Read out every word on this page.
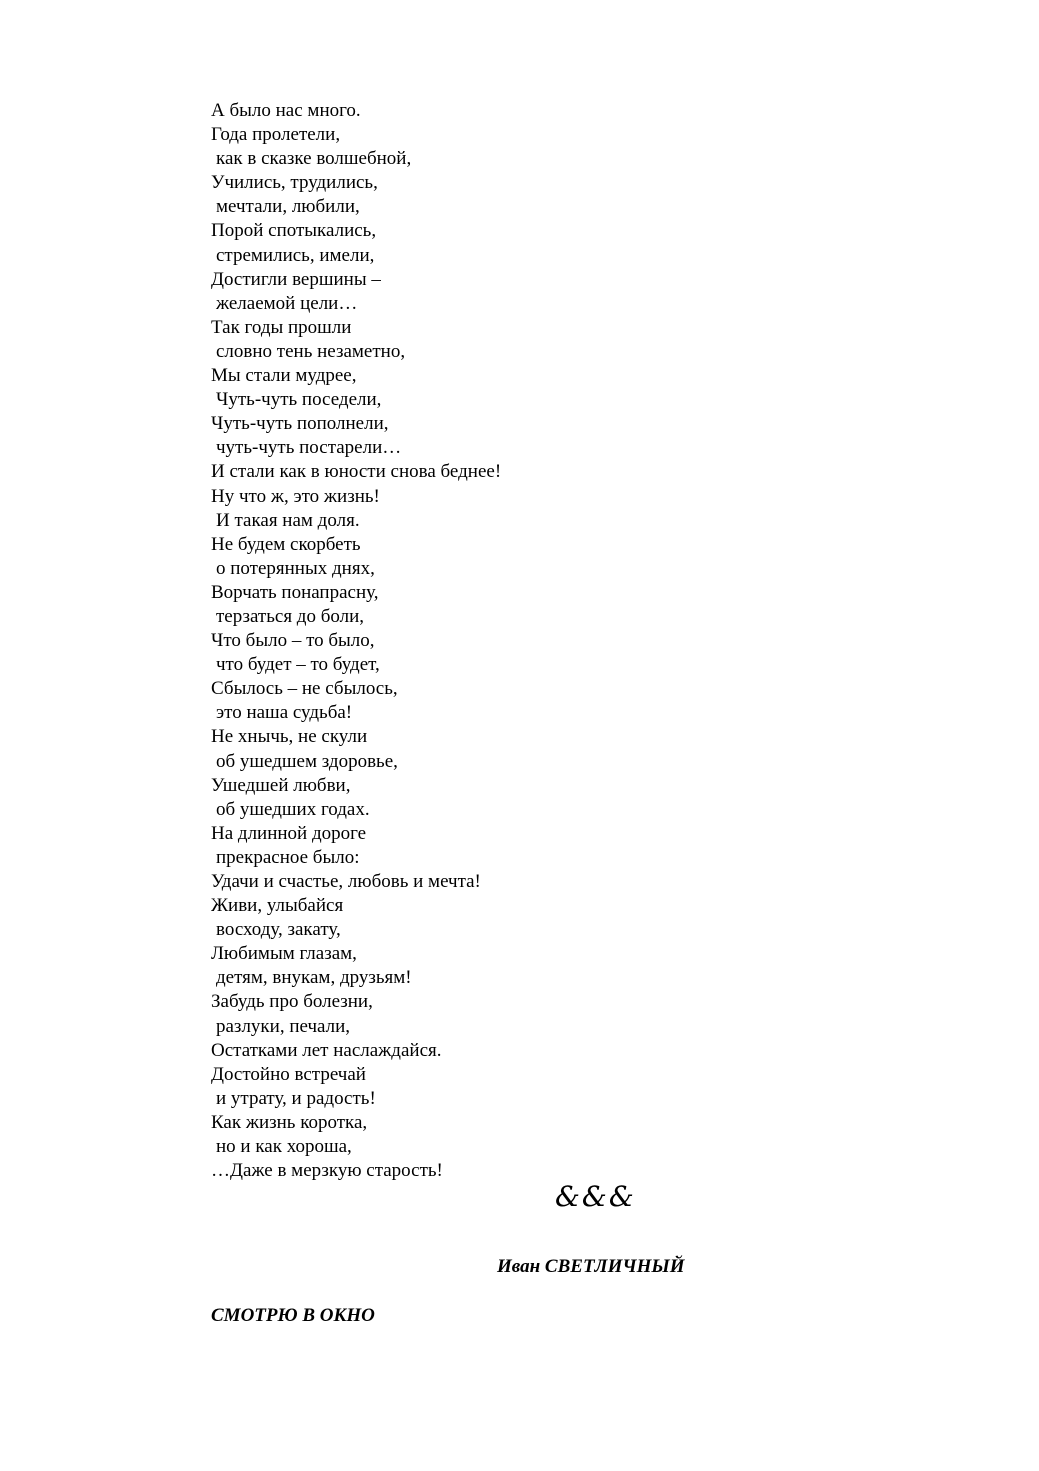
А было нас много.
Года пролетели,
как в сказке волшебной,
Учились, трудились,
мечтали, любили,
Порой спотыкались,
стремились, имели,
Достигли вершины –
желаемой цели…
Так годы прошли
словно тень незаметно,
Мы стали мудрее,
Чуть-чуть поседели,
Чуть-чуть пополнели,
чуть-чуть постарели…
И стали как в юности снова беднее!
Ну что ж, это жизнь!
И такая нам доля.
Не будем скорбеть
о потерянных днях,
Ворчать понапрасну,
терзаться до боли,
Что было – то было,
что будет – то будет,
Сбылось – не сбылось,
это наша судьба!
Не хнычь, не скули
об ушедшем здоровье,
Ушедшей любви,
об ушедших годах.
На длинной дороге
прекрасное было:
Удачи и счастье, любовь и мечта!
Живи, улыбайся
восходу, закату,
Любимым глазам,
детям, внукам, друзьям!
Забудь про болезни,
разлуки, печали,
Остатками лет наслаждайся.
Достойно встречай
и утрату, и радость!
Как жизнь коротка,
но и как хороша,
…Даже в мерзкую старость!
&&&
Иван СВЕТЛИЧНЫЙ
СМОТРЮ В ОКНО
